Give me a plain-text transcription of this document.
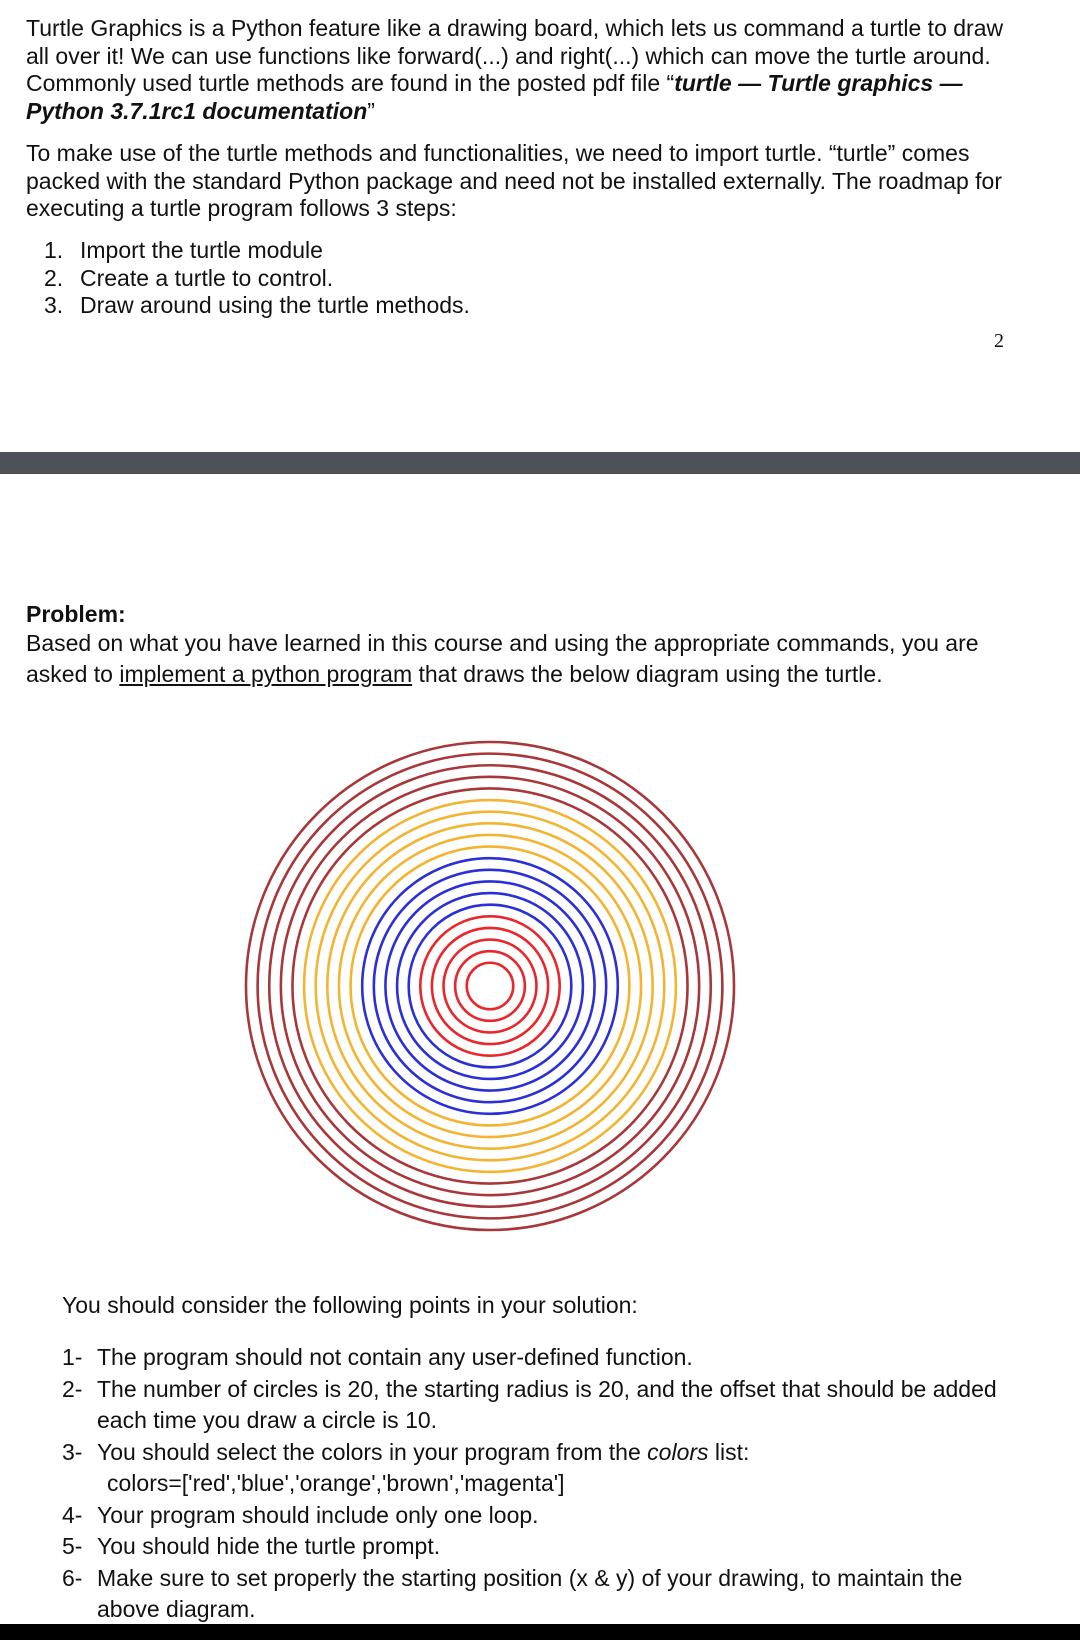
Turtle Graphics is a Python feature like a drawing board, which lets us command a turtle to draw all over it! We can use functions like forward(...) and right(...) which can move the turtle around. Commonly used turtle methods are found in the posted pdf file “turtle — Turtle graphics — Python 3.7.1rc1 documentation”

To make use of the turtle methods and functionalities, we need to import turtle. “turtle” comes packed with the standard Python package and need not be installed externally. The roadmap for executing a turtle program follows 3 steps:

1. Import the turtle module
2. Create a turtle to control.
3. Draw around using the turtle methods.
2

Problem:

Based on what you have learned in this course and using the appropriate commands, you are asked to implement a python program that draws the below diagram using the turtle.

You should consider the following points in your solution:

1- The program should not contain any user-defined function.
2- The number of circles is 20, the starting radius is 20, and the offset that should be added each time you draw a circle is 10.
3- You should select the colors in your program from the colors list:
colors=['red','blue','orange','brown','magenta']
4- Your program should include only one loop.
5- You should hide the turtle prompt.
6- Make sure to set properly the starting position (x & y) of your drawing, to maintain the above diagram.
